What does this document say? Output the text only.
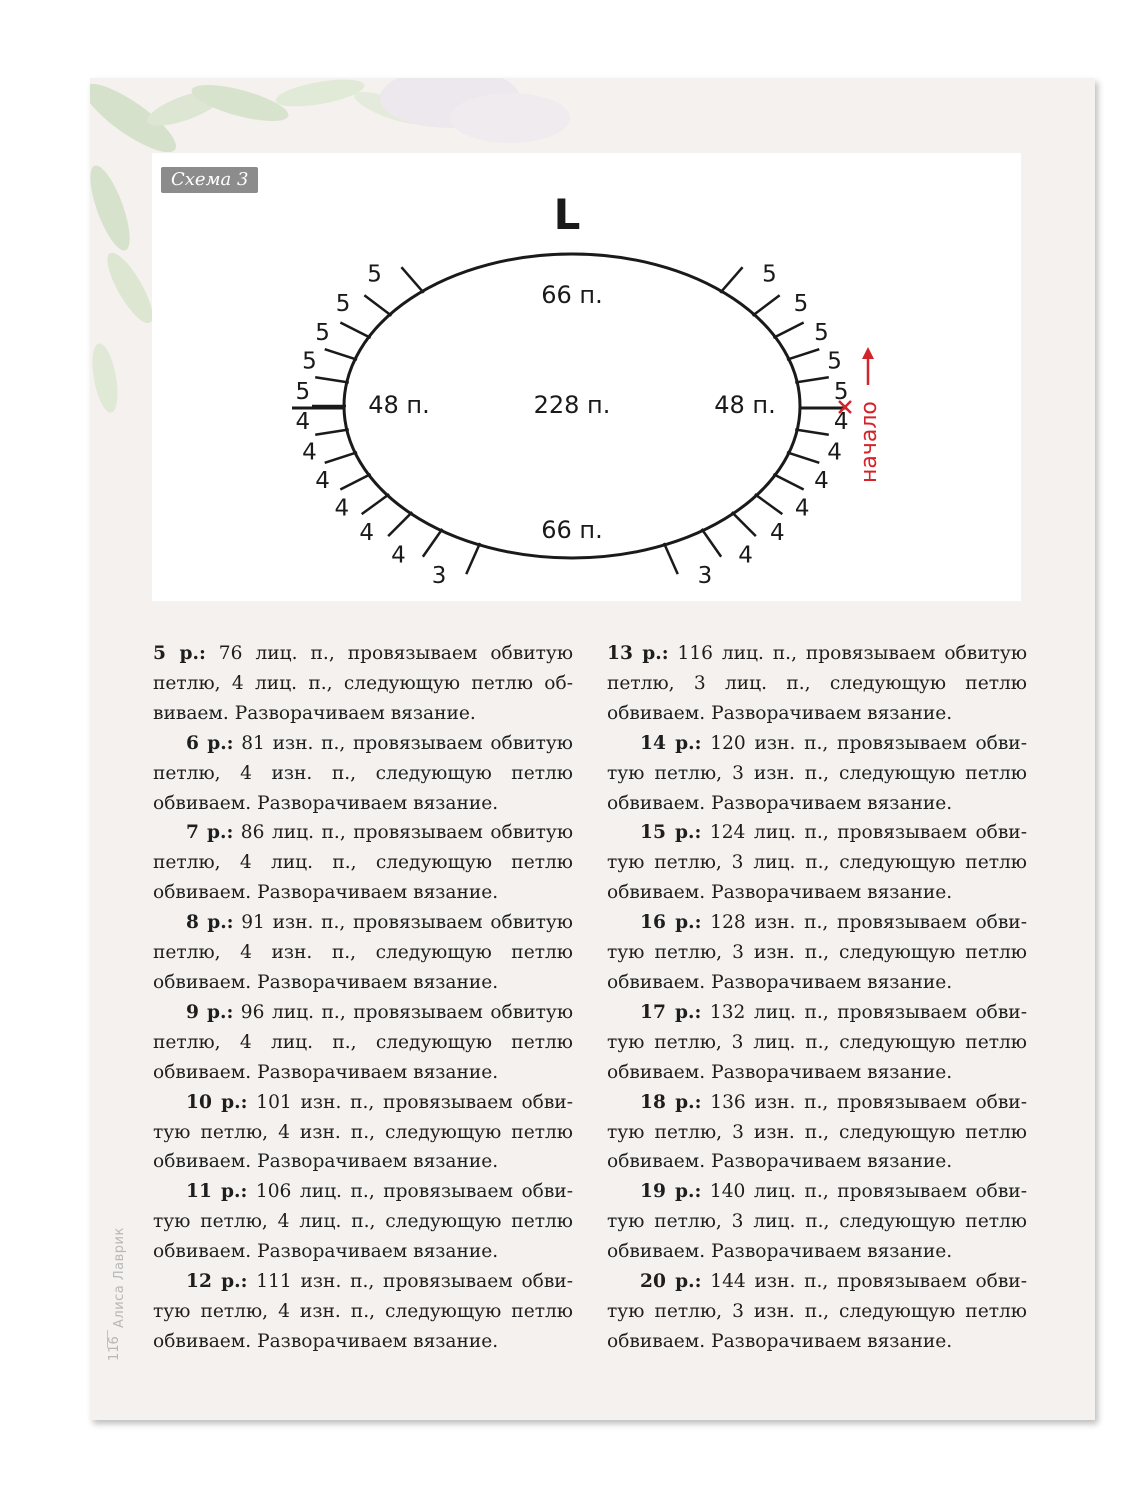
Схема 3
L
5
5
5
5
5
4
4
4
4
4
4
3
5
5
5
5
5
4
4
4
4
4
4
3
66 п.
66 п.
48 п.	48 п.
228 п.	начало

5 р.: 76 лиц. п., провязываем обвитую петлю, 4 лиц. п., следующую петлю обвиваем. Разворачиваем вязание.

6 р.: 81 изн. п., провязываем обвитую петлю, 4 изн. п., следующую петлю обвиваем. Разворачиваем вязание.

7 р.: 86 лиц. п., провязываем обвитую петлю, 4 лиц. п., следующую петлю обвиваем. Разворачиваем вязание.

8 р.: 91 изн. п., провязываем обвитую петлю, 4 изн. п., следующую петлю обвиваем. Разворачиваем вязание.

9 р.: 96 лиц. п., провязываем обвитую петлю, 4 лиц. п., следующую петлю обвиваем. Разворачиваем вязание.

10 р.: 101 изн. п., провязываем обвитую петлю, 4 изн. п., следующую петлю обвиваем. Разворачиваем вязание.

11 р.: 106 лиц. п., провязываем обвитую петлю, 4 лиц. п., следующую петлю обвиваем. Разворачиваем вязание.

12 р.: 111 изн. п., провязываем обвитую петлю, 4 изн. п., следующую петлю обвиваем. Разворачиваем вязание.

13 р.: 116 лиц. п., провязываем обвитую петлю, 3 лиц. п., следующую петлю обвиваем. Разворачиваем вязание.

14 р.: 120 изн. п., провязываем обвитую петлю, 3 изн. п., следующую петлю обвиваем. Разворачиваем вязание.

15 р.: 124 лиц. п., провязываем обвитую петлю, 3 лиц. п., следующую петлю обвиваем. Разворачиваем вязание.

16 р.: 128 изн. п., провязываем обвитую петлю, 3 изн. п., следующую петлю обвиваем. Разворачиваем вязание.

17 р.: 132 лиц. п., провязываем обвитую петлю, 3 лиц. п., следующую петлю обвиваем. Разворачиваем вязание.

18 р.: 136 изн. п., провязываем обвитую петлю, 3 изн. п., следующую петлю обвиваем. Разворачиваем вязание.

19 р.: 140 лиц. п., провязываем обвитую петлю, 3 лиц. п., следующую петлю обвиваем. Разворачиваем вязание.

20 р.: 144 изн. п., провязываем обвитую петлю, 3 изн. п., следующую петлю обвиваем. Разворачиваем вязание.

Алиса Лаврик
116
